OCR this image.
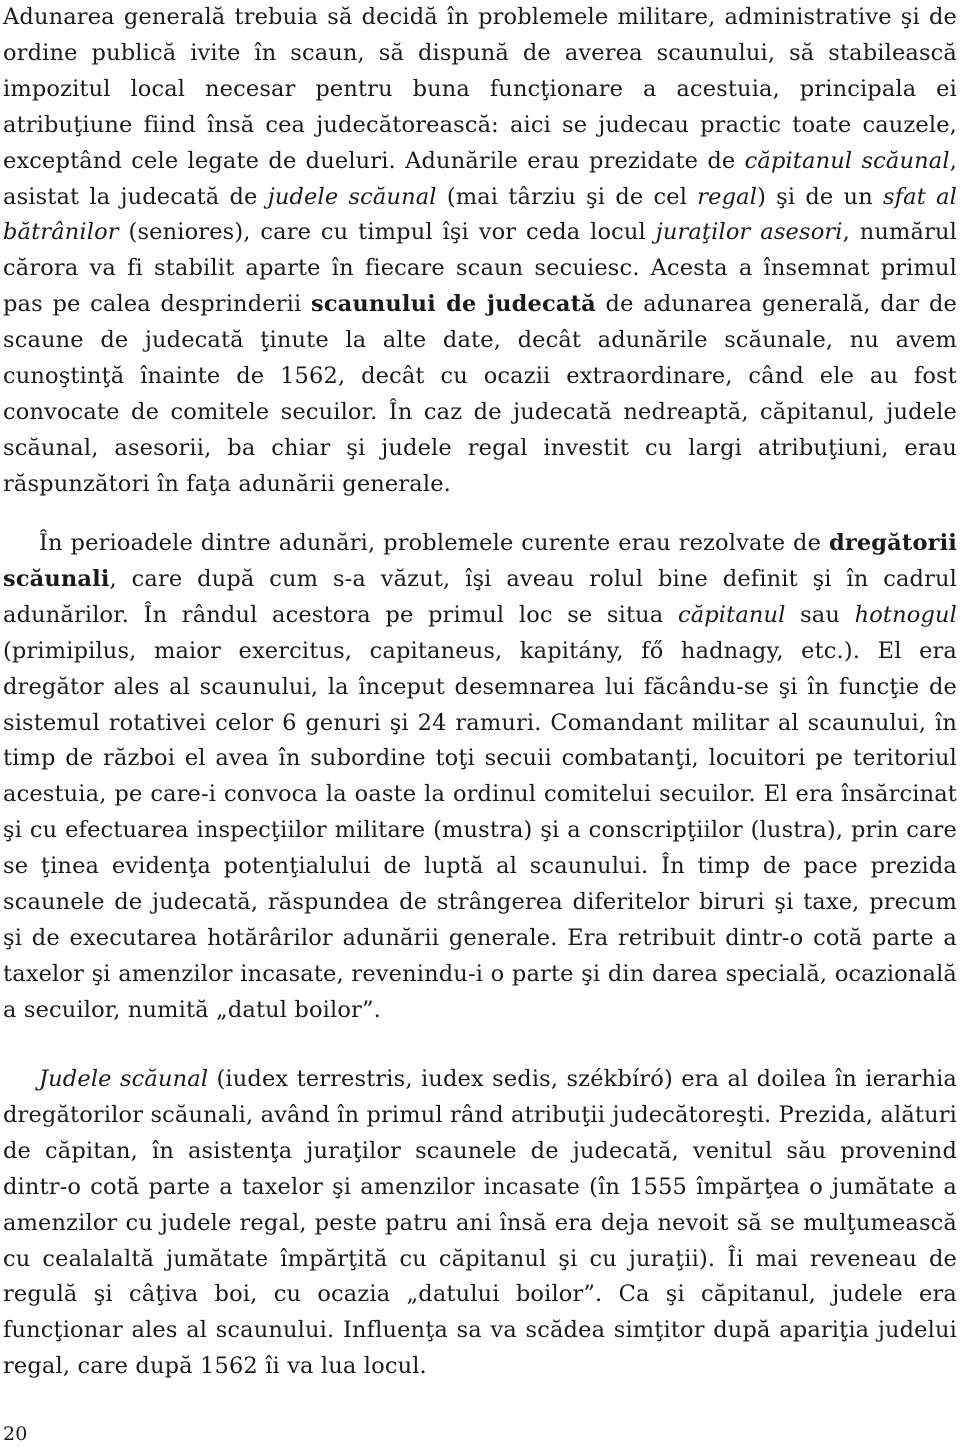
Adunarea generală trebuia să decidă în problemele militare, administrative şi de ordine publică ivite în scaun, să dispună de averea scaunului, să stabilească impozitul local necesar pentru buna funcţionare a acestuia, principala ei atribuţiune fiind însă cea judecătorească: aici se judecau practic toate cauzele, exceptând cele legate de dueluri. Adunările erau prezidate de căpitanul scăunal, asistat la judecată de judele scăunal (mai târziu şi de cel regal) şi de un sfat al bătrânilor (seniores), care cu timpul îşi vor ceda locul juraţilor asesori, numărul cărora va fi stabilit aparte în fiecare scaun secuiesc. Acesta a însemnat primul pas pe calea desprinderii scaunului de judecată de adunarea generală, dar de scaune de judecată ţinute la alte date, decât adunările scăunale, nu avem cunoştinţă înainte de 1562, decât cu ocazii extraordinare, când ele au fost convocate de comitele secuilor. În caz de judecată nedreaptă, căpitanul, judele scăunal, asesorii, ba chiar şi judele regal investit cu largi atribuţiuni, erau răspunzători în faţa adunării generale.

În perioadele dintre adunări, problemele curente erau rezolvate de dregătorii scăunali, care după cum s-a văzut, îşi aveau rolul bine definit şi în cadrul adunărilor. În rândul acestora pe primul loc se situa căpitanul sau hotnogul (primipilus, maior exercitus, capitaneus, kapitány, fő hadnagy, etc.). El era dregător ales al scaunului, la început desemnarea lui făcându-se şi în funcţie de sistemul rotativei celor 6 genuri şi 24 ramuri. Comandant militar al scaunului, în timp de război el avea în subordine toţi secuii combatanţi, locuitori pe teritoriul acestuia, pe care-i convoca la oaste la ordinul comitelui secuilor. El era însărcinat şi cu efectuarea inspecţiilor militare (mustra) şi a conscripţiilor (lustra), prin care se ţinea evidenţa potenţialului de luptă al scaunului. În timp de pace prezida scaunele de judecată, răspundea de strângerea diferitelor biruri şi taxe, precum şi de executarea hotărârilor adunării generale. Era retribuit dintr-o cotă parte a taxelor şi amenzilor incasate, revenindu-i o parte şi din darea specială, ocazională a secuilor, numită „datul boilor”.

Judele scăunal (iudex terrestris, iudex sedis, székbíró) era al doilea în ierarhia dregătorilor scăunali, având în primul rând atribuţii judecătoreşti. Prezida, alături de căpitan, în asistenţa juraţilor scaunele de judecată, venitul său provenind dintr-o cotă parte a taxelor şi amenzilor incasate (în 1555 împărţea o jumătate a amenzilor cu judele regal, peste patru ani însă era deja nevoit să se mulţumească cu cealalaltă jumătate împărţită cu căpitanul şi cu juraţii). Îi mai reveneau de regulă şi câţiva boi, cu ocazia „datului boilor”. Ca şi căpitanul, judele era funcţionar ales al scaunului. Influenţa sa va scădea simţitor după apariţia judelui regal, care după 1562 îi va lua locul.

20
